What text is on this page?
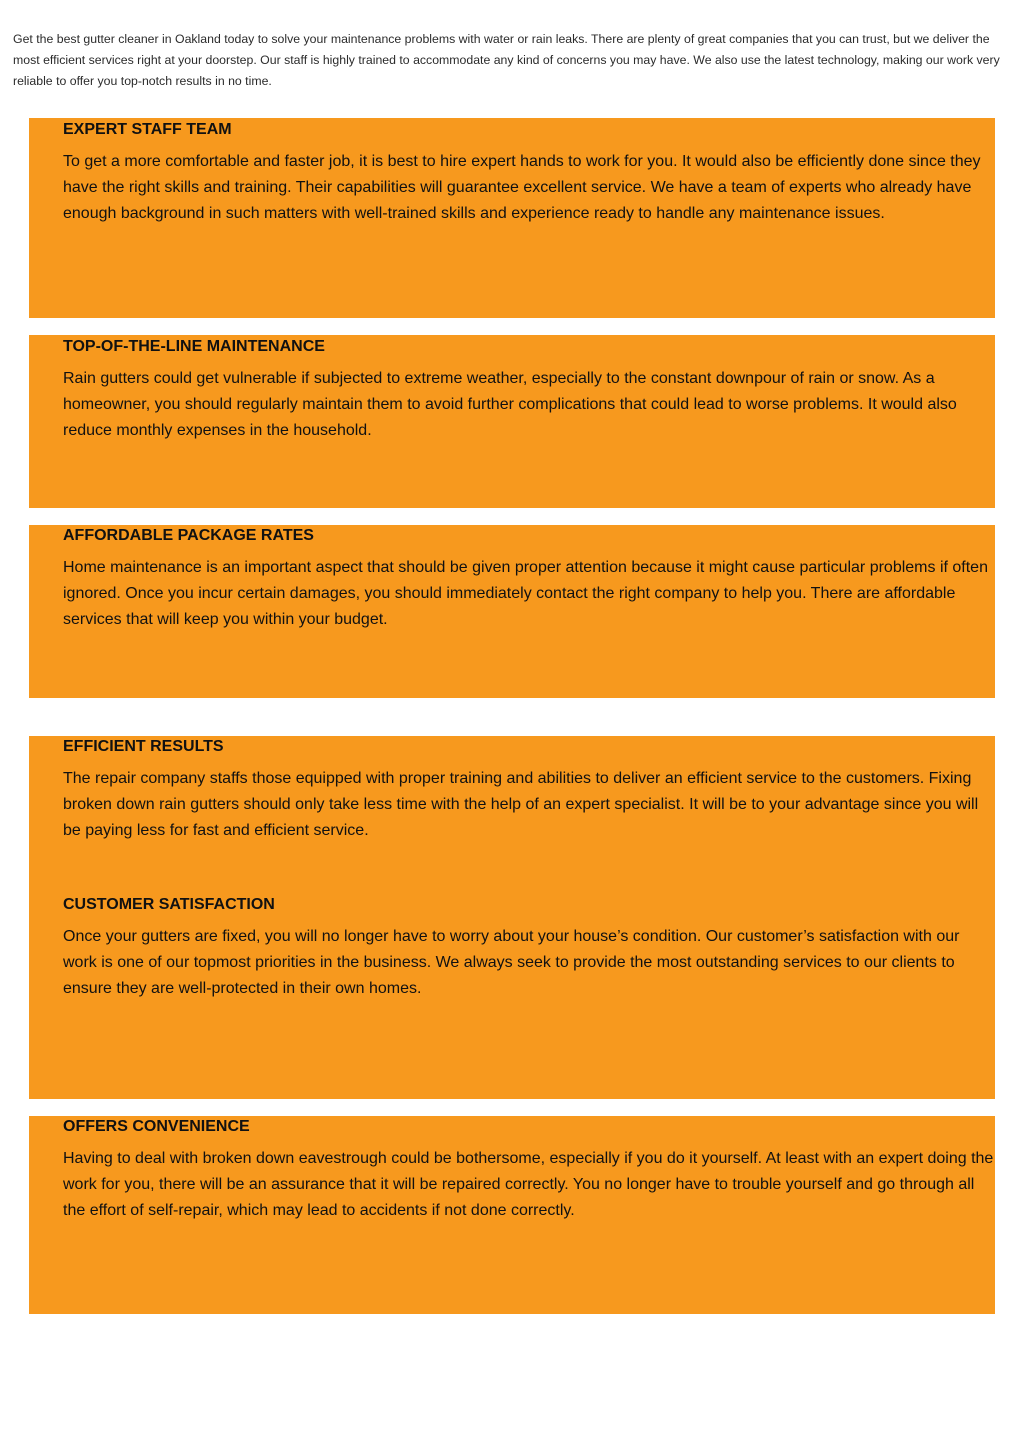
Get the best gutter cleaner in Oakland today to solve your maintenance problems with water or rain leaks. There are plenty of great companies that you can trust, but we deliver the most efficient services right at your doorstep. Our staff is highly trained to accommodate any kind of concerns you may have. We also use the latest technology, making our work very reliable to offer you top-notch results in no time.

EXPERT STAFF TEAM

To get a more comfortable and faster job, it is best to hire expert hands to work for you. It would also be efficiently done since they have the right skills and training. Their capabilities will guarantee excellent service. We have a team of experts who already have enough background in such matters with well-trained skills and experience ready to handle any maintenance issues.

TOP-OF-THE-LINE MAINTENANCE

Rain gutters could get vulnerable if subjected to extreme weather, especially to the constant downpour of rain or snow. As a homeowner, you should regularly maintain them to avoid further complications that could lead to worse problems. It would also reduce monthly expenses in the household.

AFFORDABLE PACKAGE RATES

Home maintenance is an important aspect that should be given proper attention because it might cause particular problems if often ignored. Once you incur certain damages, you should immediately contact the right company to help you. There are affordable services that will keep you within your budget.

EFFICIENT RESULTS

The repair company staffs those equipped with proper training and abilities to deliver an efficient service to the customers. Fixing broken down rain gutters should only take less time with the help of an expert specialist. It will be to your advantage since you will be paying less for fast and efficient service.

CUSTOMER SATISFACTION

Once your gutters are fixed, you will no longer have to worry about your house’s condition. Our customer’s satisfaction with our work is one of our topmost priorities in the business. We always seek to provide the most outstanding services to our clients to ensure they are well-protected in their own homes.

OFFERS CONVENIENCE

Having to deal with broken down eavestrough could be bothersome, especially if you do it yourself. At least with an expert doing the work for you, there will be an assurance that it will be repaired correctly. You no longer have to trouble yourself and go through all the effort of self-repair, which may lead to accidents if not done correctly.
